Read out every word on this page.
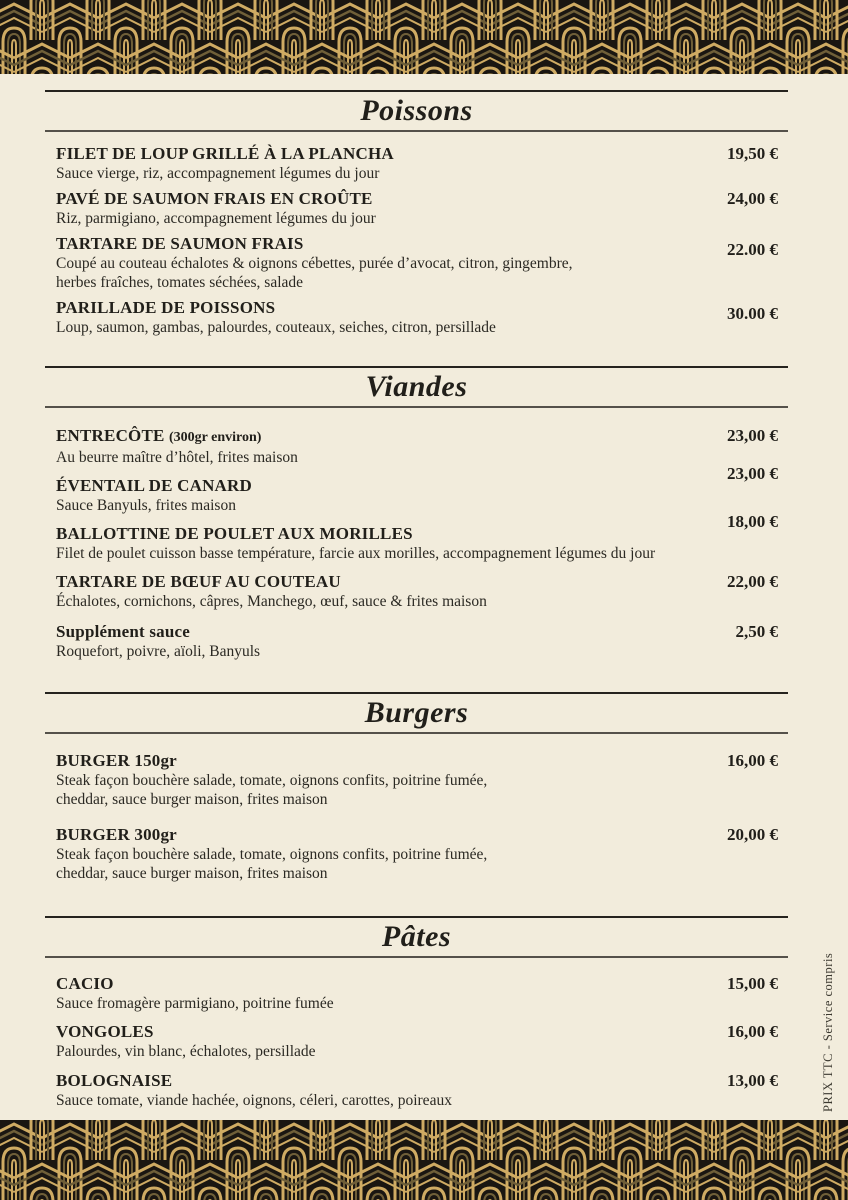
Poissons
FILET DE LOUP GRILLÉ À LA PLANCHA
Sauce vierge, riz, accompagnement légumes du jour
19,50 €
PAVÉ DE SAUMON FRAIS EN CROÛTE
Riz, parmigiano, accompagnement légumes du jour
24,00 €
TARTARE DE SAUMON FRAIS
Coupé au couteau échalotes & oignons cébettes, purée d’avocat, citron, gingembre,
herbes fraîches, tomates séchées, salade
22.00 €
PARILLADE DE POISSONS
Loup, saumon, gambas, palourdes, couteaux, seiches, citron, persillade
30.00 €
Viandes
ENTRECÔTE (300gr environ)
Au beurre maître d’hôtel, frites maison
23,00 €
ÉVENTAIL DE CANARD
Sauce Banyuls, frites maison
23,00 €
BALLOTTINE DE POULET AUX MORILLES
Filet de poulet cuisson basse température, farcie aux morilles, accompagnement légumes du jour
18,00 €
TARTARE DE BŒUF AU COUTEAU
Échalotes, cornichons, câpres, Manchego, œuf, sauce & frites maison
22,00 €
Supplément sauce
Roquefort, poivre, aïoli, Banyuls
2,50 €
Burgers
BURGER 150gr
Steak façon bouchère salade, tomate, oignons confits, poitrine fumée,
cheddar, sauce burger maison, frites maison
16,00 €
BURGER 300gr
Steak façon bouchère salade, tomate, oignons confits, poitrine fumée,
cheddar, sauce burger maison, frites maison
20,00 €
Pâtes
CACIO
Sauce fromagère parmigiano, poitrine fumée
15,00 €
VONGOLES
Palourdes, vin blanc, échalotes, persillade
16,00 €
BOLOGNAISE
Sauce tomate, viande hachée, oignons, céleri, carottes, poireaux
13,00 €	PRIX TTC - Service compris
